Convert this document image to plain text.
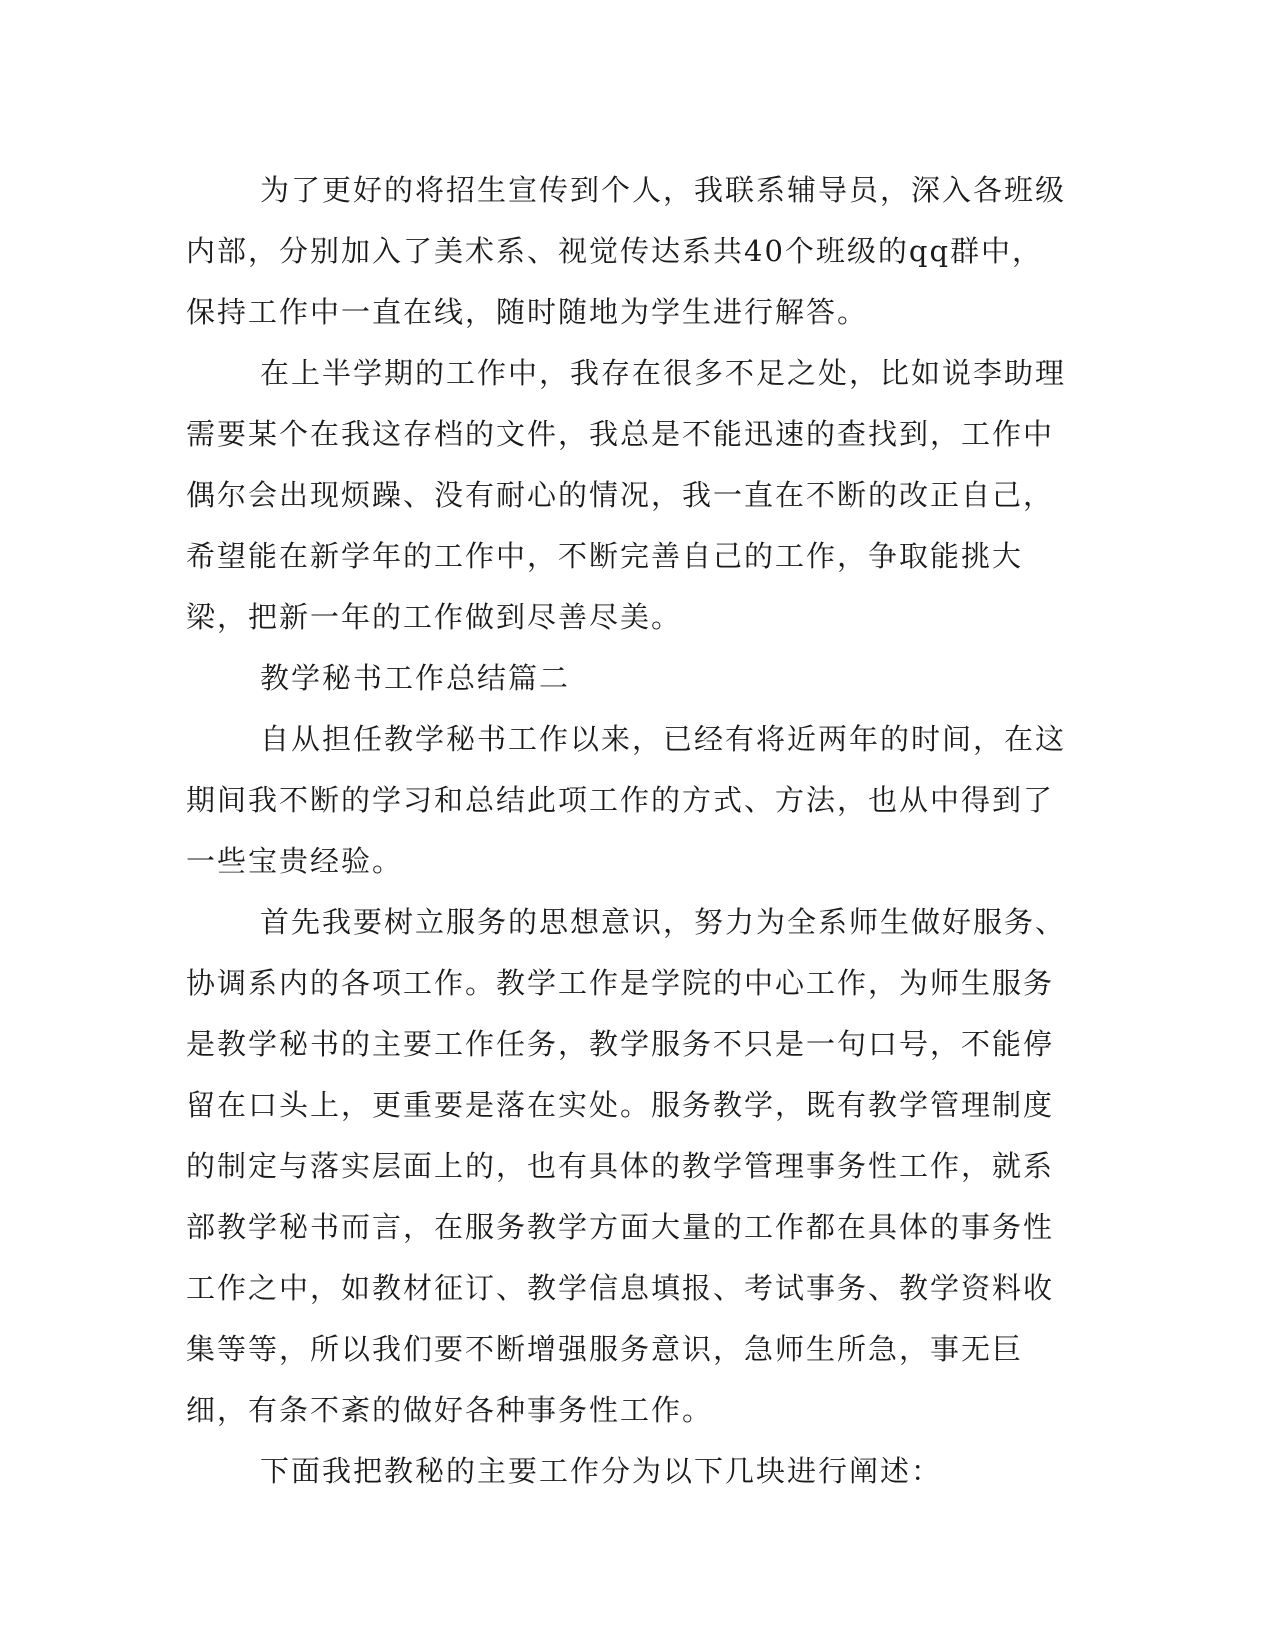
为了更好的将招生宣传到个人，我联系辅导员，深入各班级内部，分别加入了美术系、视觉传达系共40个班级的qq群中，保持工作中一直在线，随时随地为学生进行解答。

在上半学期的工作中，我存在很多不足之处，比如说李助理需要某个在我这存档的文件，我总是不能迅速的查找到，工作中偶尔会出现烦躁、没有耐心的情况，我一直在不断的改正自己，希望能在新学年的工作中，不断完善自己的工作，争取能挑大梁，把新一年的工作做到尽善尽美。

教学秘书工作总结篇二

自从担任教学秘书工作以来，已经有将近两年的时间，在这期间我不断的学习和总结此项工作的方式、方法，也从中得到了一些宝贵经验。

首先我要树立服务的思想意识，努力为全系师生做好服务、协调系内的各项工作。教学工作是学院的中心工作，为师生服务是教学秘书的主要工作任务，教学服务不只是一句口号，不能停留在口头上，更重要是落在实处。服务教学，既有教学管理制度的制定与落实层面上的，也有具体的教学管理事务性工作，就系部教学秘书而言，在服务教学方面大量的工作都在具体的事务性工作之中，如教材征订、教学信息填报、考试事务、教学资料收集等等，所以我们要不断增强服务意识，急师生所急，事无巨细，有条不紊的做好各种事务性工作。

下面我把教秘的主要工作分为以下几块进行阐述：
